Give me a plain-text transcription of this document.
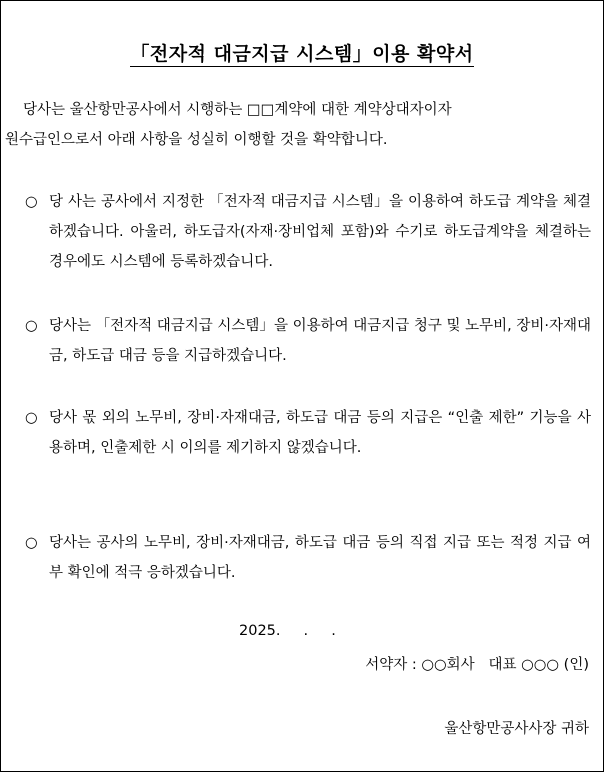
「전자적 대금지급 시스템」이용 확약서
당사는 울산항만공사에서 시행하는 □□계약에 대한 계약상대자이자
원수급인으로서 아래 사항을 성실히 이행할 것을 확약합니다.
○ 당 사는 공사에서 지정한 「전자적 대금지급 시스템」을 이용하여 하도급 계약을 체결하겠습니다. 아울러, 하도급자(자재·장비업체 포함)와 수기로 하도급계약을 체결하는 경우에도 시스템에 등록하겠습니다.
○ 당사는 「전자적 대금지급 시스템」을 이용하여 대금지급 청구 및 노무비, 장비·자재대금, 하도급 대금 등을 지급하겠습니다.
○ 당사 몫 외의 노무비, 장비·자재대금, 하도급 대금 등의 지급은 “인출 제한” 기능을 사용하며, 인출제한 시 이의를 제기하지 않겠습니다.
○ 당사는 공사의 노무비, 장비·자재대금, 하도급 대금 등의 직접 지급 또는 적정 지급 여부 확인에 적극 응하겠습니다.
2025.     .     .
서약자 : ○○회사   대표 ○○○ (인)
울산항만공사사장 귀하
